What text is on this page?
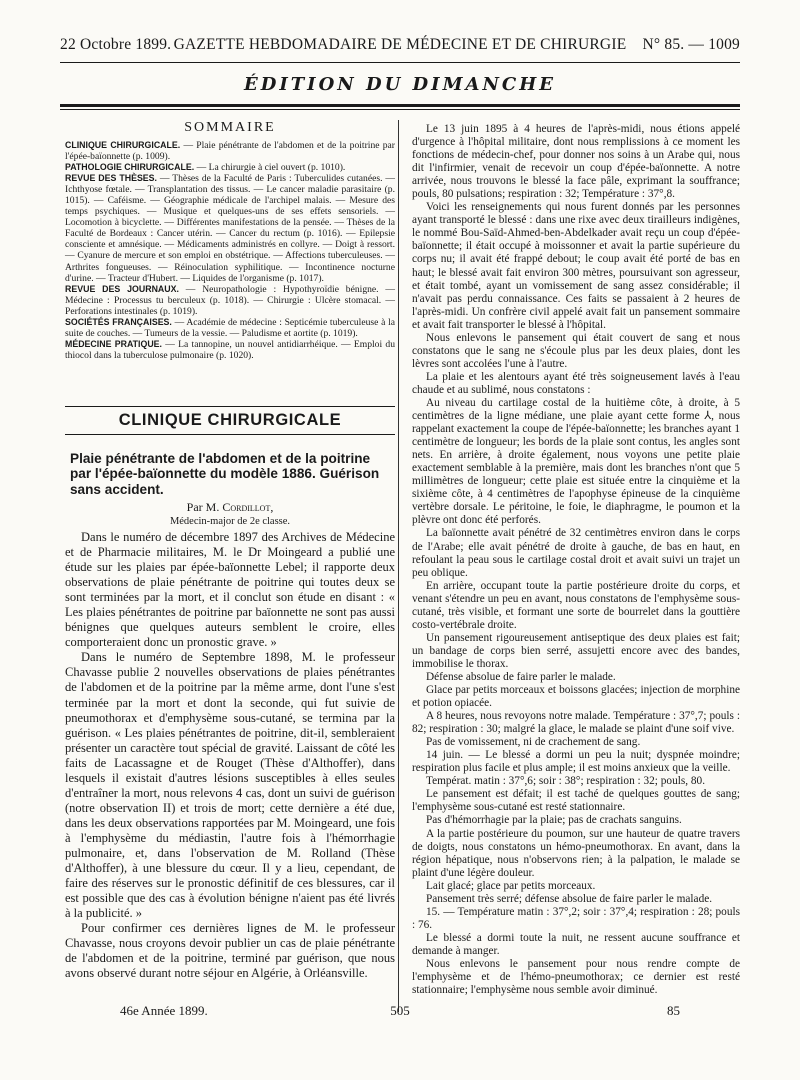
22 Octobre 1899. GAZETTE HEBDOMADAIRE DE MÉDECINE ET DE CHIRURGIE	N° 85. — 1009
ÉDITION DU DIMANCHE
SOMMAIRE

CLINIQUE CHIRURGICALE. — Plaie pénétrante de l'abdomen et de la poitrine par l'épée-baïonnette (p. 1009).

PATHOLOGIE CHIRURGICALE. — La chirurgie à ciel ouvert (p. 1010).

REVUE DES THÈSES. — Thèses de la Faculté de Paris : Tuberculides cutanées. — Ichthyose fœtale. — Transplantation des tissus. — Le cancer maladie parasitaire (p. 1015). — Caféisme. — Géographie médicale de l'archipel malais. — Mesure des temps psychiques. — Musique et quelques-uns de ses effets sensoriels. — Locomotion à bicyclette. — Différentes manifestations de la pensée. — Thèses de la Faculté de Bordeaux : Cancer utérin. — Cancer du rectum (p. 1016). — Epilepsie consciente et amnésique. — Médicaments administrés en collyre. — Doigt à ressort. — Cyanure de mercure et son emploi en obstétrique. — Affections tuberculeuses. — Arthrites fongueuses. — Réinoculation syphilitique. — Incontinence nocturne d'urine. — Tracteur d'Hubert. — Liquides de l'organisme (p. 1017).

REVUE DES JOURNAUX. — Neuropathologie : Hypothyroïdie bénigne. — Médecine : Processus tu berculeux (p. 1018). — Chirurgie : Ulcère stomacal. — Perforations intestinales (p. 1019).

SOCIÉTÉS FRANÇAISES. — Académie de médecine : Septicémie tuberculeuse à la suite de couches. — Tumeurs de la vessie. — Paludisme et aortite (p. 1019).

MÉDECINE PRATIQUE. — La tannopine, un nouvel antidiarrhéique. — Emploi du thiocol dans la tuberculose pulmonaire (p. 1020).

CLINIQUE CHIRURGICALE
Plaie pénétrante de l'abdomen et de la poitrine par l'épée-baïonnette du modèle 1886. Guérison sans accident.
Par M. Cordillot,
Médecin-major de 2e classe.

Dans le numéro de décembre 1897 des Archives de Médecine et de Pharmacie militaires, M. le Dr Moingeard a publié une étude sur les plaies par épée-baïonnette Lebel; il rapporte deux observations de plaie pénétrante de poitrine qui toutes deux se sont terminées par la mort, et il conclut son étude en disant : « Les plaies pénétrantes de poitrine par baïonnette ne sont pas aussi bénignes que quelques auteurs semblent le croire, elles comporteraient donc un pronostic grave. »

Dans le numéro de Septembre 1898, M. le professeur Chavasse publie 2 nouvelles observations de plaies pénétrantes de l'abdomen et de la poitrine par la même arme, dont l'une s'est terminée par la mort et dont la seconde, qui fut suivie de pneumothorax et d'emphysème sous-cutané, se termina par la guérison. « Les plaies pénétrantes de poitrine, dit-il, sembleraient présenter un caractère tout spécial de gravité. Laissant de côté les faits de Lacassagne et de Rouget (Thèse d'Althoffer), dans lesquels il existait d'autres lésions susceptibles à elles seules d'entraîner la mort, nous relevons 4 cas, dont un suivi de guérison (notre observation II) et trois de mort; cette dernière a été due, dans les deux observations rapportées par M. Moingeard, une fois à l'emphysème du médiastin, l'autre fois à l'hémorrhagie pulmonaire, et, dans l'observation de M. Rolland (Thèse d'Althoffer), à une blessure du cœur. Il y a lieu, cependant, de faire des réserves sur le pronostic définitif de ces blessures, car il est possible que des cas à évolution bénigne n'aient pas été livrés à la publicité. »

Pour confirmer ces dernières lignes de M. le professeur Chavasse, nous croyons devoir publier un cas de plaie pénétrante de l'abdomen et de la poitrine, terminé par guérison, que nous avons observé durant notre séjour en Algérie, à Orléansville.

Le 13 juin 1895 à 4 heures de l'après-midi, nous étions appelé d'urgence à l'hôpital militaire, dont nous remplissions à ce moment les fonctions de médecin-chef, pour donner nos soins à un Arabe qui, nous dit l'infirmier, venait de recevoir un coup d'épée-baïonnette. A notre arrivée, nous trouvons le blessé la face pâle, exprimant la souffrance; pouls, 80 pulsations; respiration : 32; Température : 37°,8.

Voici les renseignements qui nous furent donnés par les personnes ayant transporté le blessé : dans une rixe avec deux tirailleurs indigènes, le nommé Bou-Saïd-Ahmed-ben-Abdelkader avait reçu un coup d'épée-baïonnette; il était occupé à moissonner et avait la partie supérieure du corps nu; il avait été frappé debout; le coup avait été porté de bas en haut; le blessé avait fait environ 300 mètres, poursuivant son agresseur, et était tombé, ayant un vomissement de sang assez considérable; il n'avait pas perdu connaissance. Ces faits se passaient à 2 heures de l'après-midi. Un confrère civil appelé avait fait un pansement sommaire et avait fait transporter le blessé à l'hôpital.

Nous enlevons le pansement qui était couvert de sang et nous constatons que le sang ne s'écoule plus par les deux plaies, dont les lèvres sont accolées l'une à l'autre.

La plaie et les alentours ayant été très soigneusement lavés à l'eau chaude et au sublimé, nous constatons :

Au niveau du cartilage costal de la huitième côte, à droite, à 5 centimètres de la ligne médiane, une plaie ayant cette forme ⅄, nous rappelant exactement la coupe de l'épée-baïonnette; les branches ayant 1 centimètre de longueur; les bords de la plaie sont contus, les angles sont nets. En arrière, à droite également, nous voyons une petite plaie exactement semblable à la première, mais dont les branches n'ont que 5 millimètres de longueur; cette plaie est située entre la cinquième et la sixième côte, à 4 centimètres de l'apophyse épineuse de la cinquième vertèbre dorsale. Le péritoine, le foie, le diaphragme, le poumon et la plèvre ont donc été perforés.

La baïonnette avait pénétré de 32 centimètres environ dans le corps de l'Arabe; elle avait pénétré de droite à gauche, de bas en haut, en refoulant la peau sous le cartilage costal droit et avait suivi un trajet un peu oblique.

En arrière, occupant toute la partie postérieure droite du corps, et venant s'étendre un peu en avant, nous constatons de l'emphysème sous-cutané, très visible, et formant une sorte de bourrelet dans la gouttière costo-vertébrale droite.

Un pansement rigoureusement antiseptique des deux plaies est fait; un bandage de corps bien serré, assujetti encore avec des bandes, immobilise le thorax.

Défense absolue de faire parler le malade.

Glace par petits morceaux et boissons glacées; injection de morphine et potion opiacée.

A 8 heures, nous revoyons notre malade. Température : 37°,7; pouls : 82; respiration : 30; malgré la glace, le malade se plaint d'une soif vive.

Pas de vomissement, ni de crachement de sang.

14 juin. — Le blessé a dormi un peu la nuit; dyspnée moindre; respiration plus facile et plus ample; il est moins anxieux que la veille.

Températ. matin : 37°,6; soir : 38°; respiration : 32; pouls, 80.

Le pansement est défait; il est taché de quelques gouttes de sang; l'emphysème sous-cutané est resté stationnaire.

Pas d'hémorrhagie par la plaie; pas de crachats sanguins.

A la partie postérieure du poumon, sur une hauteur de quatre travers de doigts, nous constatons un hémo-pneumothorax. En avant, dans la région hépatique, nous n'observons rien; à la palpation, le malade se plaint d'une légère douleur.

Lait glacé; glace par petits morceaux.

Pansement très serré; défense absolue de faire parler le malade.

15. — Température matin : 37°,2; soir : 37°,4; respiration : 28; pouls : 76.

Le blessé a dormi toute la nuit, ne ressent aucune souffrance et demande à manger.

Nous enlevons le pansement pour nous rendre compte de l'emphysème et de l'hémo-pneumothorax; ce dernier est resté stationnaire; l'emphysème nous semble avoir diminué.

46e Année 1899.	505	85
